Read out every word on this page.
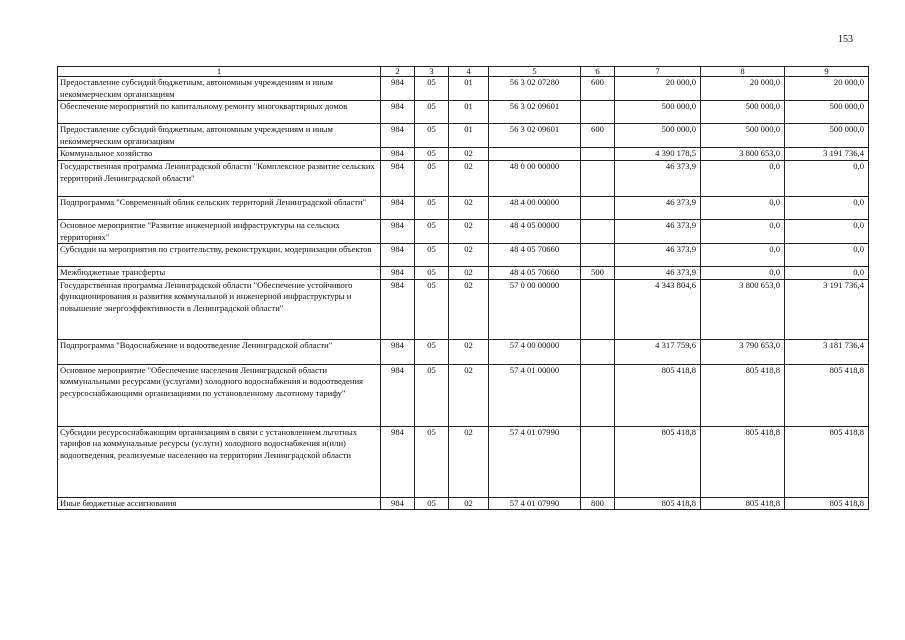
153
1	2	3	4	5	6	7	8	9
Предоставление субсидий бюджетным, автономным учреждениям и иным некоммерческим организациям	984	05	01	56 3 02 07280	600	20 000,0	20 000,0	20 000,0
Обеспечение мероприятий по капитальному ремонту многоквартирных домов	984	05	01	56 3 02 09601		500 000,0	500 000,0	500 000,0
Предоставление субсидий бюджетным, автономным учреждениям и иным некоммерческим организациям	984	05	01	56 3 02 09601	600	500 000,0	500 000,0	500 000,0
Коммунальное хозяйство	984	05	02			4 390 178,5	3 800 653,0	3 191 736,4
Государственная программа Ленинградской области "Комплексное развитие сельских территорий Ленинградской области"	984	05	02	48 0 00 00000		46 373,9	0,0	0,0
Подпрограмма "Современный облик сельских территорий Ленинградской области"	984	05	02	48 4 00 00000		46 373,9	0,0	0,0
Основное мероприятие "Развитие инженерной инфраструктуры на сельских территориях"	984	05	02	48 4 05 00000		46 373,9	0,0	0,0
Субсидии на мероприятия по строительству, реконструкции, модернизации объектов	984	05	02	48 4 05 70660		46 373,9	0,0	0,0
Межбюджетные трансферты	984	05	02	48 4 05 70660	500	46 373,9	0,0	0,0
Государственная программа Ленинградской области "Обеспечение устойчивого функционирования и развития коммунальной и инженерной инфраструктуры и повышение энергоэффективности в Ленинградской области"	984	05	02	57 0 00 00000		4 343 804,6	3 800 653,0	3 191 736,4
Подпрограмма "Водоснабжение и водоотведение Ленинградской области"	984	05	02	57 4 00 00000		4 317 759,6	3 790 653,0	3 181 736,4
Основное мероприятие "Обеспечение населения Ленинградской области коммунальными ресурсами (услугами) холодного водоснабжения и водоотведения ресурсоснабжающими организациями по установленному льготному тарифу"	984	05	02	57 4 01 00000		805 418,8	805 418,8	805 418,8
Субсидии ресурсоснабжающим организациям в связи с установлением льготных тарифов на коммунальные ресурсы (услуги) холодного водоснабжения и(или) водоотведения, реализуемые населению на территории Ленинградской области	984	05	02	57 4 01 07990		805 418,8	805 418,8	805 418,8
Иные бюджетные ассигнования	984	05	02	57 4 01 07990	800	805 418,8	805 418,8	805 418,8
